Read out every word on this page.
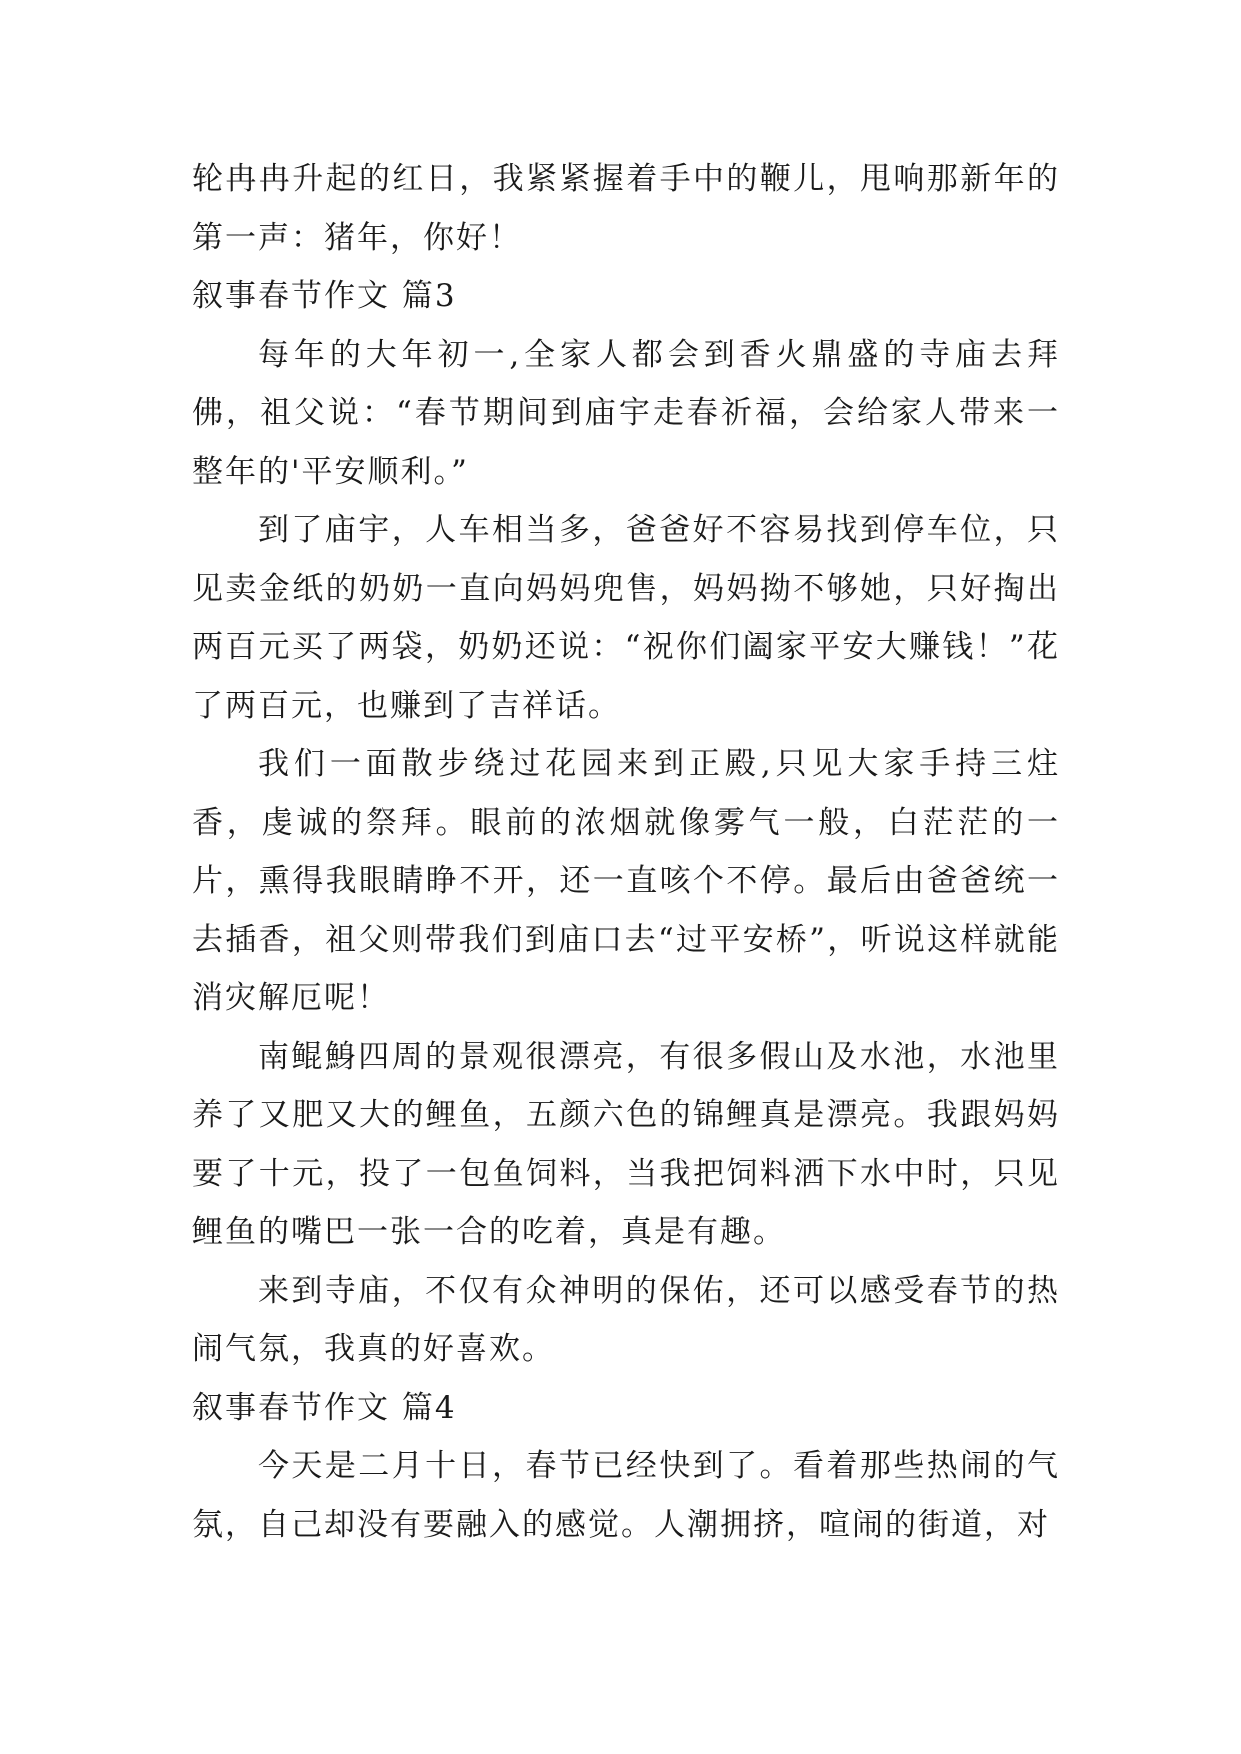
轮冉冉升起的红日，我紧紧握着手中的鞭儿，甩响那新年的第一声：猪年，你好！

叙事春节作文 篇3

每年的大年初一,全家人都会到香火鼎盛的寺庙去拜佛，祖父说：“春节期间到庙宇走春祈福，会给家人带来一整年的'平安顺利。”

到了庙宇，人车相当多，爸爸好不容易找到停车位，只见卖金纸的奶奶一直向妈妈兜售，妈妈拗不够她，只好掏出两百元买了两袋，奶奶还说：“祝你们阖家平安大赚钱！”花了两百元，也赚到了吉祥话。

我们一面散步绕过花园来到正殿,只见大家手持三炷香，虔诚的祭拜。眼前的浓烟就像雾气一般，白茫茫的一片，熏得我眼睛睁不开，还一直咳个不停。最后由爸爸统一去插香，祖父则带我们到庙口去“过平安桥”，听说这样就能消灾解厄呢！

南鲲鯓四周的景观很漂亮，有很多假山及水池，水池里养了又肥又大的鲤鱼，五颜六色的锦鲤真是漂亮。我跟妈妈要了十元，投了一包鱼饲料，当我把饲料洒下水中时，只见鲤鱼的嘴巴一张一合的吃着，真是有趣。

来到寺庙，不仅有众神明的保佑，还可以感受春节的热闹气氛，我真的好喜欢。

叙事春节作文 篇4

今天是二月十日，春节已经快到了。看着那些热闹的气氛，自己却没有要融入的感觉。人潮拥挤，喧闹的街道，对
